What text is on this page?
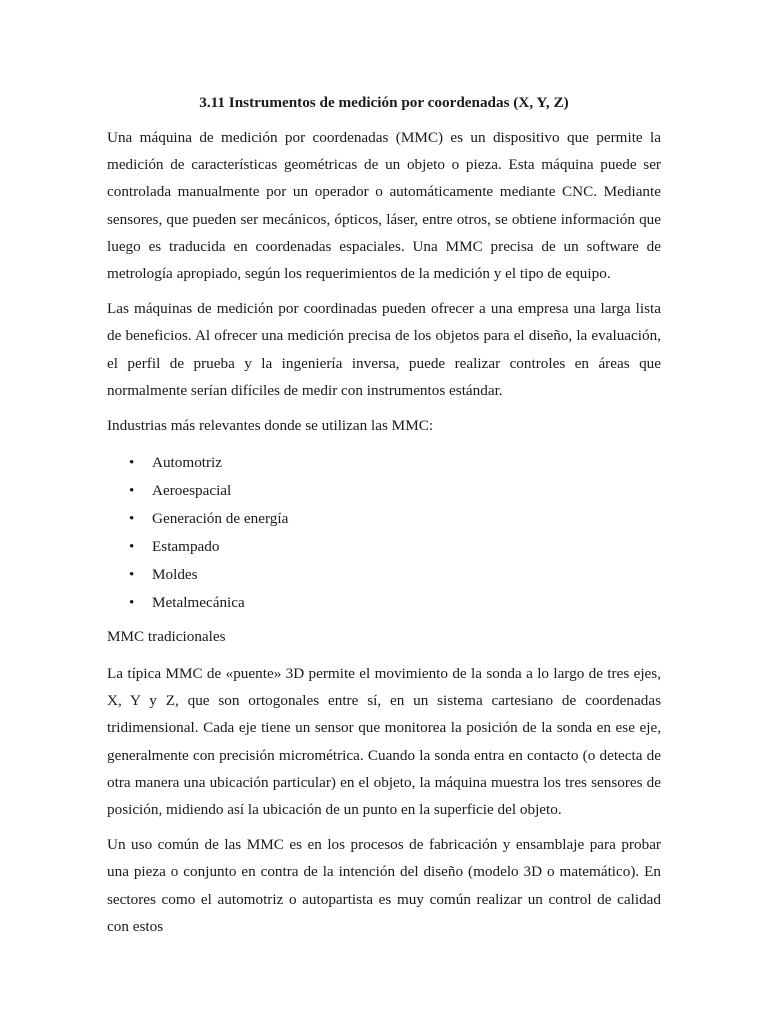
3.11 Instrumentos de medición por coordenadas (X, Y, Z)

Una máquina de medición por coordenadas (MMC) es un dispositivo que permite la medición de características geométricas de un objeto o pieza. Esta máquina puede ser controlada manualmente por un operador o automáticamente mediante CNC. Mediante sensores, que pueden ser mecánicos, ópticos, láser, entre otros, se obtiene información que luego es traducida en coordenadas espaciales. Una MMC precisa de un software de metrología apropiado, según los requerimientos de la medición y el tipo de equipo.

Las máquinas de medición por coordinadas pueden ofrecer a una empresa una larga lista de beneficios. Al ofrecer una medición precisa de los objetos para el diseño, la evaluación, el perfil de prueba y la ingeniería inversa, puede realizar controles en áreas que normalmente serían difíciles de medir con instrumentos estándar.

Industrias más relevantes donde se utilizan las MMC:

• Automotriz
• Aeroespacial
• Generación de energía
• Estampado
• Moldes
• Metalmecánica

MMC tradicionales

La típica MMC de «puente» 3D permite el movimiento de la sonda a lo largo de tres ejes, X, Y y Z, que son ortogonales entre sí, en un sistema cartesiano de coordenadas tridimensional. Cada eje tiene un sensor que monitorea la posición de la sonda en ese eje, generalmente con precisión micrométrica. Cuando la sonda entra en contacto (o detecta de otra manera una ubicación particular) en el objeto, la máquina muestra los tres sensores de posición, midiendo así la ubicación de un punto en la superficie del objeto.

Un uso común de las MMC es en los procesos de fabricación y ensamblaje para probar una pieza o conjunto en contra de la intención del diseño (modelo 3D o matemático). En sectores como el automotriz o autopartista es muy común realizar un control de calidad con estos
